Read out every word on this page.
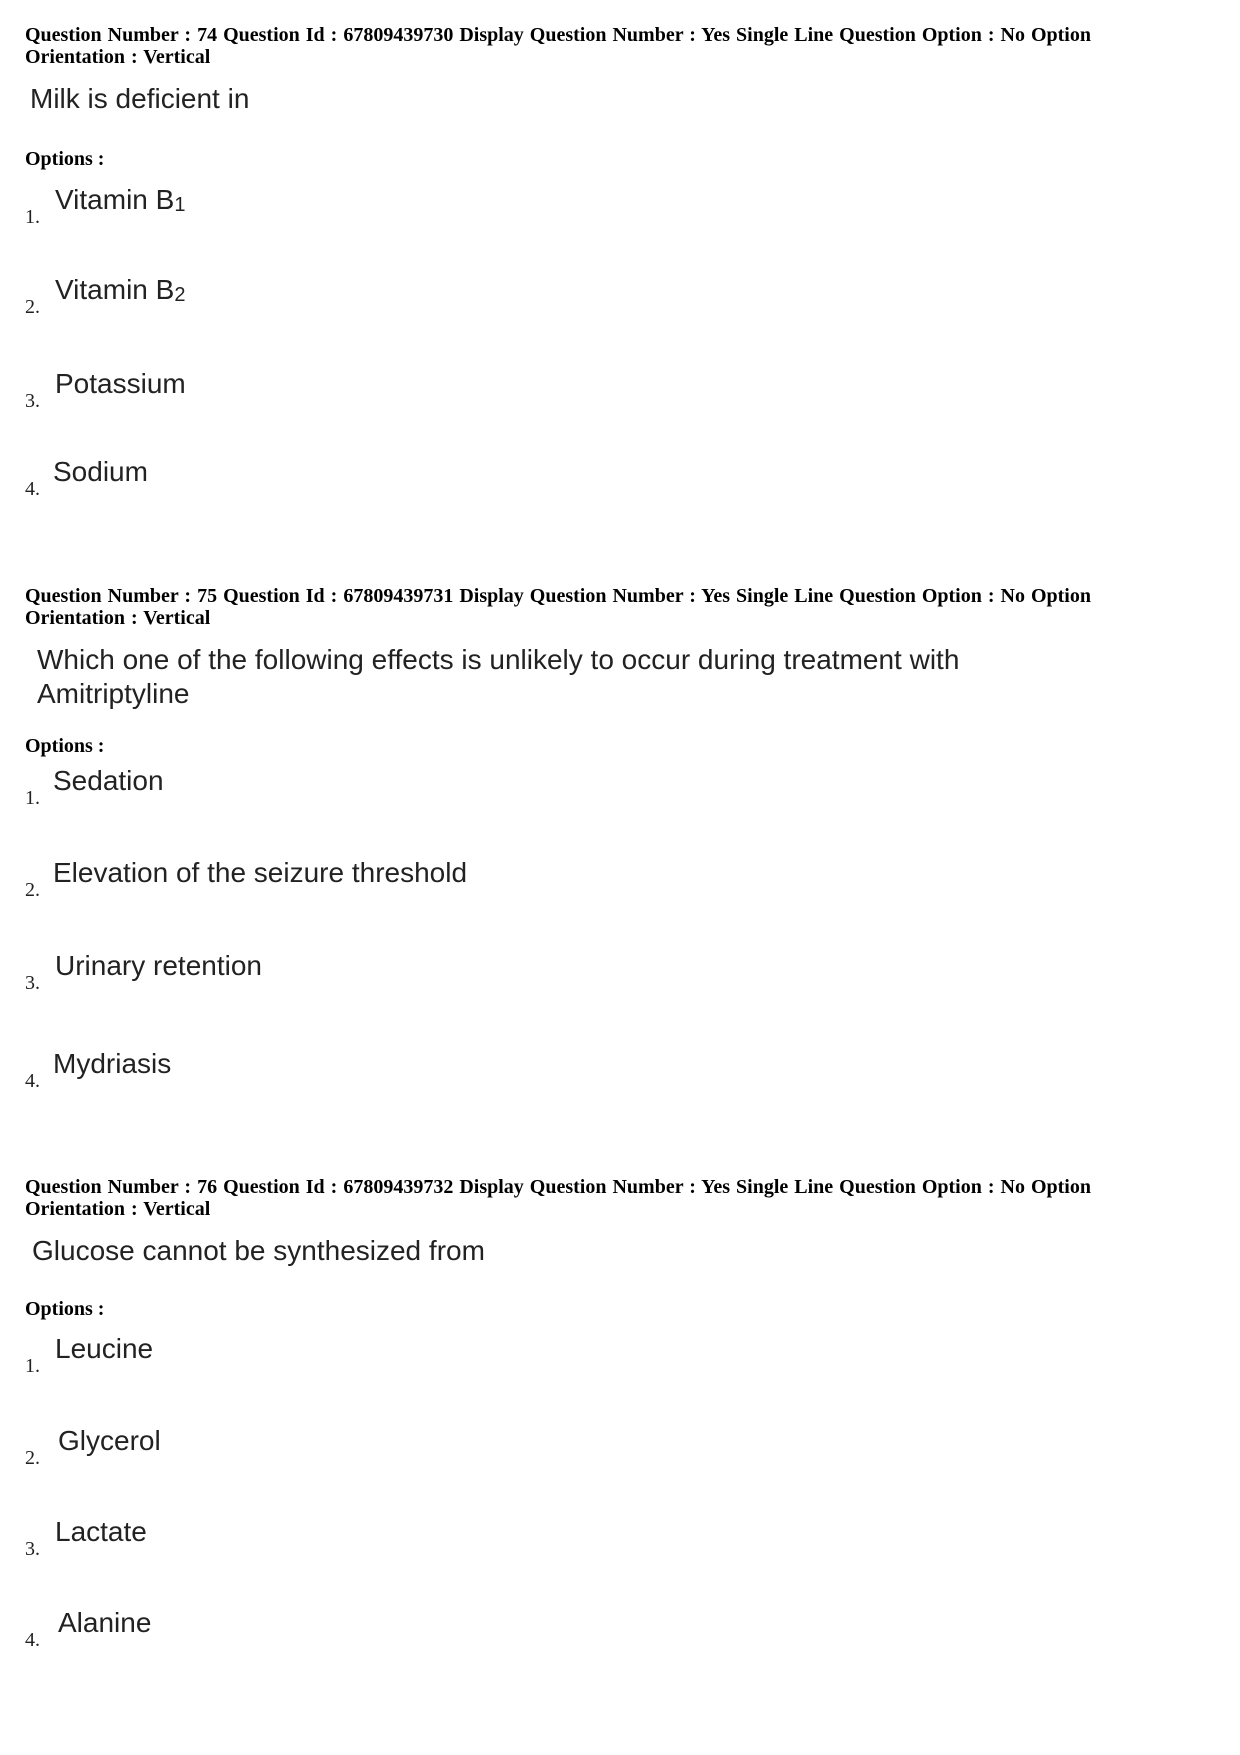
Question Number : 74 Question Id : 67809439730 Display Question Number : Yes Single Line Question Option : No Option Orientation : Vertical

Milk is deficient in

Options :

1.
Vitamin B1
2.
Vitamin B2
3.
Potassium
4.
Sodium

Question Number : 75 Question Id : 67809439731 Display Question Number : Yes Single Line Question Option : No Option Orientation : Vertical

Which one of the following effects is unlikely to occur during treatment with Amitriptyline

Options :

1.
Sedation
2.
Elevation of the seizure threshold
3.
Urinary retention
4.
Mydriasis

Question Number : 76 Question Id : 67809439732 Display Question Number : Yes Single Line Question Option : No Option Orientation : Vertical

Glucose cannot be synthesized from

Options :

1.
Leucine
2.
Glycerol
3.
Lactate
4.
Alanine
